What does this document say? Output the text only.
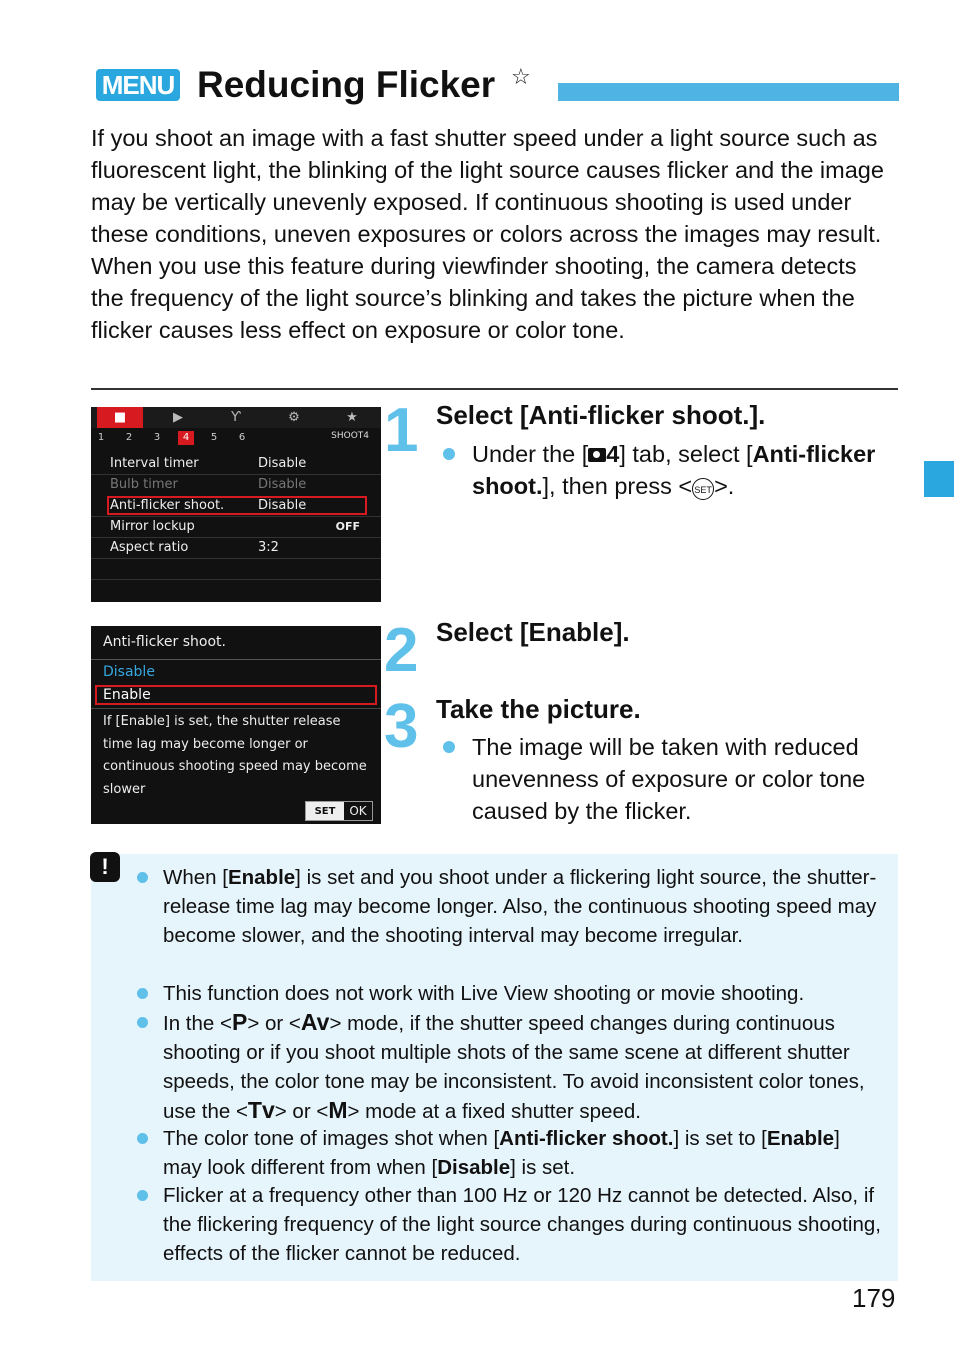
MENU Reducing Flicker ☆
If you shoot an image with a fast shutter speed under a light source such as fluorescent light, the blinking of the light source causes flicker and the image may be vertically unevenly exposed. If continuous shooting is used under these conditions, uneven exposures or colors across the images may result. When you use this feature during viewfinder shooting, the camera detects the frequency of the light source’s blinking and takes the picture when the flicker causes less effect on exposure or color tone.
■	▶	Ƴ	⚙	★
1	2	3	4	5	6	SHOOT4
Interval timer	Disable
Bulb timer	Disable
Anti-flicker shoot.	Disable
Mirror lockup	OFF
Aspect ratio	3:2
Anti-flicker shoot.
Disable
Enable
If [Enable] is set, the shutter release time lag may become longer or continuous shooting speed may become slower
SET	OK
1 Select [Anti-flicker shoot.].
Under the [ 4] tab, select [Anti-flicker shoot.], then press < SET>.
2 Select [Enable].
3 Take the picture.
The image will be taken with reduced unevenness of exposure or color tone caused by the flicker.
!	When [Enable] is set and you shoot under a flickering light source, the shutter-release time lag may become longer. Also, the continuous shooting speed may become slower, and the shooting interval may become irregular.
This function does not work with Live View shooting or movie shooting.
In the <P> or <Av> mode, if the shutter speed changes during continuous shooting or if you shoot multiple shots of the same scene at different shutter speeds, the color tone may be inconsistent. To avoid inconsistent color tones, use the <Tv> or <M> mode at a fixed shutter speed.
The color tone of images shot when [Anti-flicker shoot.] is set to [Enable] may look different from when [Disable] is set.
Flicker at a frequency other than 100 Hz or 120 Hz cannot be detected. Also, if the flickering frequency of the light source changes during continuous shooting, effects of the flicker cannot be reduced.
179
